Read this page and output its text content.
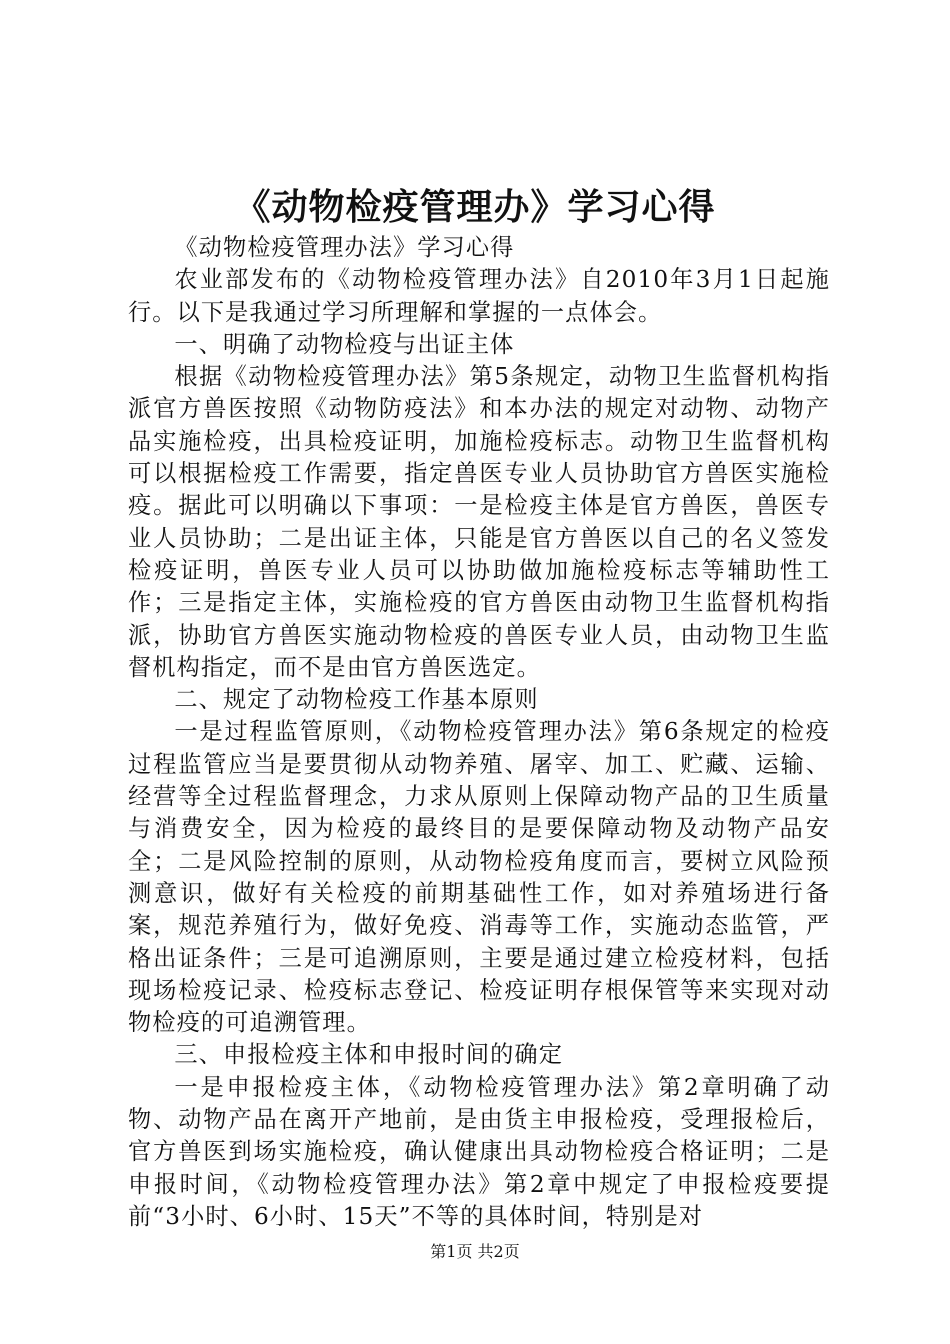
《动物检疫管理办》学习心得

《动物检疫管理办法》学习心得

农业部发布的《动物检疫管理办法》自2010年3月1日起施行。以下是我通过学习所理解和掌握的一点体会。

一、明确了动物检疫与出证主体

根据《动物检疫管理办法》第5条规定，动物卫生监督机构指派官方兽医按照《动物防疫法》和本办法的规定对动物、动物产品实施检疫，出具检疫证明，加施检疫标志。动物卫生监督机构可以根据检疫工作需要，指定兽医专业人员协助官方兽医实施检疫。据此可以明确以下事项：一是检疫主体是官方兽医，兽医专业人员协助；二是出证主体，只能是官方兽医以自己的名义签发检疫证明，兽医专业人员可以协助做加施检疫标志等辅助性工作；三是指定主体，实施检疫的官方兽医由动物卫生监督机构指派，协助官方兽医实施动物检疫的兽医专业人员，由动物卫生监督机构指定，而不是由官方兽医选定。

二、规定了动物检疫工作基本原则

一是过程监管原则，《动物检疫管理办法》第6条规定的检疫过程监管应当是要贯彻从动物养殖、屠宰、加工、贮藏、运输、经营等全过程监督理念，力求从原则上保障动物产品的卫生质量与消费安全，因为检疫的最终目的是要保障动物及动物产品安全；二是风险控制的原则，从动物检疫角度而言，要树立风险预测意识，做好有关检疫的前期基础性工作，如对养殖场进行备案，规范养殖行为，做好免疫、消毒等工作，实施动态监管，严格出证条件；三是可追溯原则，主要是通过建立检疫材料，包括现场检疫记录、检疫标志登记、检疫证明存根保管等来实现对动物检疫的可追溯管理。

三、申报检疫主体和申报时间的确定

一是申报检疫主体，《动物检疫管理办法》第2章明确了动物、动物产品在离开产地前，是由货主申报检疫，受理报检后，官方兽医到场实施检疫，确认健康出具动物检疫合格证明；二是申报时间，《动物检疫管理办法》第2章中规定了申报检疫要提前“3小时、6小时、15天”不等的具体时间，特别是对

第1页 共2页
